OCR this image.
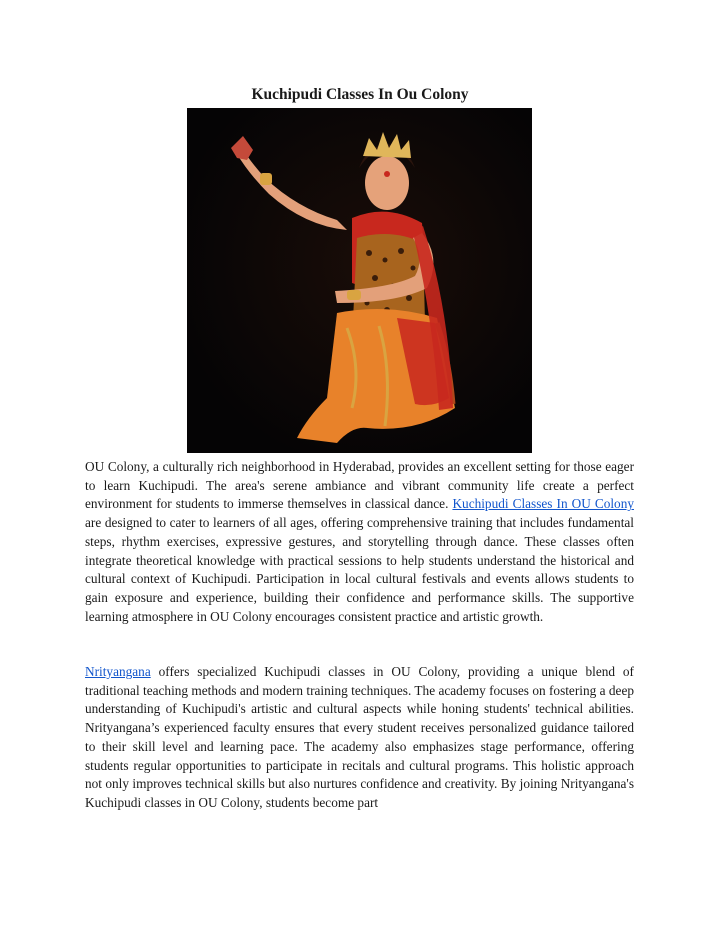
Kuchipudi Classes In Ou Colony

OU Colony, a culturally rich neighborhood in Hyderabad, provides an excellent setting for those eager to learn Kuchipudi. The area's serene ambiance and vibrant community life create a perfect environment for students to immerse themselves in classical dance. Kuchipudi Classes In OU Colony are designed to cater to learners of all ages, offering comprehensive training that includes fundamental steps, rhythm exercises, expressive gestures, and storytelling through dance. These classes often integrate theoretical knowledge with practical sessions to help students understand the historical and cultural context of Kuchipudi. Participation in local cultural festivals and events allows students to gain exposure and experience, building their confidence and performance skills. The supportive learning atmosphere in OU Colony encourages consistent practice and artistic growth.

Nrityangana offers specialized Kuchipudi classes in OU Colony, providing a unique blend of traditional teaching methods and modern training techniques. The academy focuses on fostering a deep understanding of Kuchipudi's artistic and cultural aspects while honing students' technical abilities. Nrityangana’s experienced faculty ensures that every student receives personalized guidance tailored to their skill level and learning pace. The academy also emphasizes stage performance, offering students regular opportunities to participate in recitals and cultural programs. This holistic approach not only improves technical skills but also nurtures confidence and creativity. By joining Nrityangana's Kuchipudi classes in OU Colony, students become part
